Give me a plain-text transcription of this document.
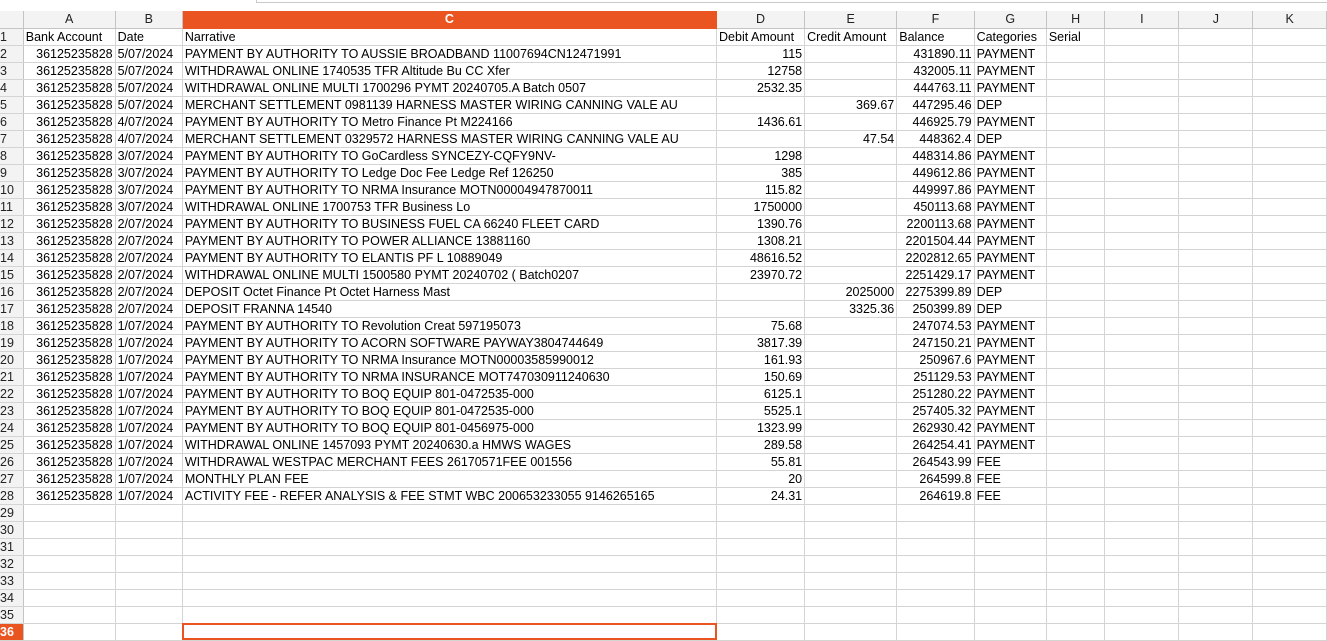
	A	B	C	D	E	F	G	H	I	J	K
1	Bank Account	Date	Narrative	Debit Amount	Credit Amount	Balance	Categories	Serial			
2	36125235828	5/07/2024	PAYMENT BY AUTHORITY TO AUSSIE BROADBAND 11007694CN12471991	115		431890.11	PAYMENT				
3	36125235828	5/07/2024	WITHDRAWAL ONLINE 1740535 TFR Altitude Bu CC Xfer	12758		432005.11	PAYMENT				
4	36125235828	5/07/2024	WITHDRAWAL ONLINE MULTI 1700296 PYMT 20240705.A Batch 0507	2532.35		444763.11	PAYMENT				
5	36125235828	5/07/2024	MERCHANT SETTLEMENT 0981139 HARNESS MASTER WIRING CANNING VALE AU		369.67	447295.46	DEP				
6	36125235828	4/07/2024	PAYMENT BY AUTHORITY TO Metro Finance Pt M224166	1436.61		446925.79	PAYMENT				
7	36125235828	4/07/2024	MERCHANT SETTLEMENT 0329572 HARNESS MASTER WIRING CANNING VALE AU		47.54	448362.4	DEP				
8	36125235828	3/07/2024	PAYMENT BY AUTHORITY TO GoCardless SYNCEZY-CQFY9NV-	1298		448314.86	PAYMENT				
9	36125235828	3/07/2024	PAYMENT BY AUTHORITY TO Ledge Doc Fee Ledge Ref 126250	385		449612.86	PAYMENT				
10	36125235828	3/07/2024	PAYMENT BY AUTHORITY TO NRMA Insurance MOTN00004947870011	115.82		449997.86	PAYMENT				
11	36125235828	3/07/2024	WITHDRAWAL ONLINE 1700753 TFR Business Lo	1750000		450113.68	PAYMENT				
12	36125235828	2/07/2024	PAYMENT BY AUTHORITY TO BUSINESS FUEL CA 66240 FLEET CARD	1390.76		2200113.68	PAYMENT				
13	36125235828	2/07/2024	PAYMENT BY AUTHORITY TO POWER ALLIANCE 13881160	1308.21		2201504.44	PAYMENT				
14	36125235828	2/07/2024	PAYMENT BY AUTHORITY TO ELANTIS PF L 10889049	48616.52		2202812.65	PAYMENT				
15	36125235828	2/07/2024	WITHDRAWAL ONLINE MULTI 1500580 PYMT 20240702 ( Batch0207	23970.72		2251429.17	PAYMENT				
16	36125235828	2/07/2024	DEPOSIT Octet Finance Pt Octet Harness Mast		2025000	2275399.89	DEP				
17	36125235828	2/07/2024	DEPOSIT FRANNA 14540		3325.36	250399.89	DEP				
18	36125235828	1/07/2024	PAYMENT BY AUTHORITY TO Revolution Creat 597195073	75.68		247074.53	PAYMENT				
19	36125235828	1/07/2024	PAYMENT BY AUTHORITY TO ACORN SOFTWARE PAYWAY3804744649	3817.39		247150.21	PAYMENT				
20	36125235828	1/07/2024	PAYMENT BY AUTHORITY TO NRMA Insurance MOTN00003585990012	161.93		250967.6	PAYMENT				
21	36125235828	1/07/2024	PAYMENT BY AUTHORITY TO NRMA INSURANCE MOT747030911240630	150.69		251129.53	PAYMENT				
22	36125235828	1/07/2024	PAYMENT BY AUTHORITY TO BOQ EQUIP 801-0472535-000	6125.1		251280.22	PAYMENT				
23	36125235828	1/07/2024	PAYMENT BY AUTHORITY TO BOQ EQUIP 801-0472535-000	5525.1		257405.32	PAYMENT				
24	36125235828	1/07/2024	PAYMENT BY AUTHORITY TO BOQ EQUIP 801-0456975-000	1323.99		262930.42	PAYMENT				
25	36125235828	1/07/2024	WITHDRAWAL ONLINE 1457093 PYMT 20240630.a HMWS WAGES	289.58		264254.41	PAYMENT				
26	36125235828	1/07/2024	WITHDRAWAL WESTPAC MERCHANT FEES 26170571FEE 001556	55.81		264543.99	FEE				
27	36125235828	1/07/2024	MONTHLY PLAN FEE	20		264599.8	FEE				
28	36125235828	1/07/2024	ACTIVITY FEE - REFER ANALYSIS & FEE STMT WBC 200653233055 9146265165	24.31		264619.8	FEE				
29											
30											
31											
32											
33											
34											
35											
36											
